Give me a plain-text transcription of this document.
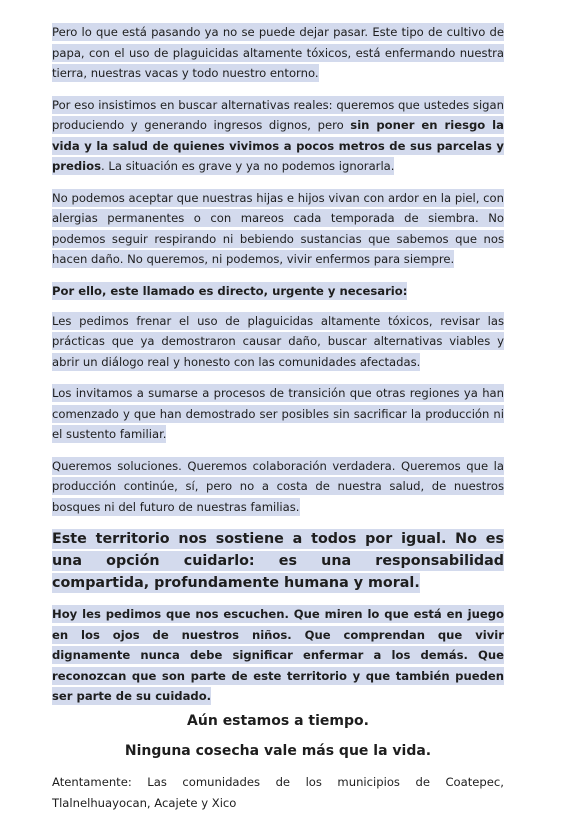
Pero lo que está pasando ya no se puede dejar pasar. Este tipo de cultivo de papa, con el uso de plaguicidas altamente tóxicos, está enfermando nuestra tierra, nuestras vacas y todo nuestro entorno.

Por eso insistimos en buscar alternativas reales: queremos que ustedes sigan produciendo y generando ingresos dignos, pero sin poner en riesgo la vida y la salud de quienes vivimos a pocos metros de sus parcelas y predios. La situación es grave y ya no podemos ignorarla.

No podemos aceptar que nuestras hijas e hijos vivan con ardor en la piel, con alergias permanentes o con mareos cada temporada de siembra. No podemos seguir respirando ni bebiendo sustancias que sabemos que nos hacen daño. No queremos, ni podemos, vivir enfermos para siempre.

Por ello, este llamado es directo, urgente y necesario:

Les pedimos frenar el uso de plaguicidas altamente tóxicos, revisar las prácticas que ya demostraron causar daño, buscar alternativas viables y abrir un diálogo real y honesto con las comunidades afectadas.

Los invitamos a sumarse a procesos de transición que otras regiones ya han comenzado y que han demostrado ser posibles sin sacrificar la producción ni el sustento familiar.

Queremos soluciones. Queremos colaboración verdadera. Queremos que la producción continúe, sí, pero no a costa de nuestra salud, de nuestros bosques ni del futuro de nuestras familias.

Este territorio nos sostiene a todos por igual. No es una opción cuidarlo: es una responsabilidad compartida, profundamente humana y moral.

Hoy les pedimos que nos escuchen. Que miren lo que está en juego en los ojos de nuestros niños. Que comprendan que vivir dignamente nunca debe significar enfermar a los demás. Que reconozcan que son parte de este territorio y que también pueden ser parte de su cuidado.

Aún estamos a tiempo.

Ninguna cosecha vale más que la vida.

Atentamente: Las comunidades de los municipios de Coatepec, Tlalnelhuayocan, Acajete y Xico
